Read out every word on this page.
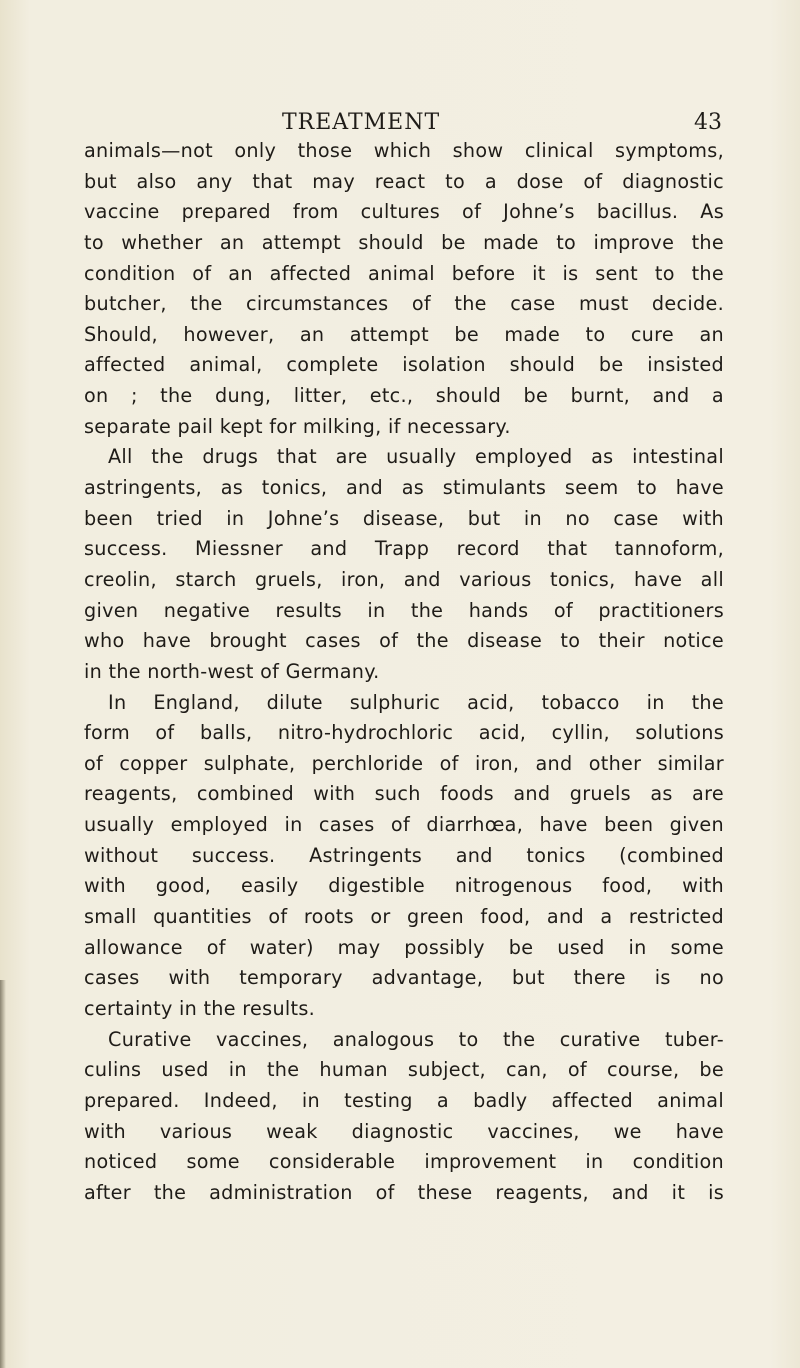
TREATMENT	43
animals—not only those which show clinical symptoms,
but also any that may react to a dose of diagnostic
vaccine prepared from cultures of Johne’s bacillus. As
to whether an attempt should be made to improve the
condition of an affected animal before it is sent to the
butcher, the circumstances of the case must decide.
Should, however, an attempt be made to cure an
affected animal, complete isolation should be insisted
on ; the dung, litter, etc., should be burnt, and a
separate pail kept for milking, if necessary.
All the drugs that are usually employed as intestinal
astringents, as tonics, and as stimulants seem to have
been tried in Johne’s disease, but in no case with
success. Miessner and Trapp record that tannoform,
creolin, starch gruels, iron, and various tonics, have all
given negative results in the hands of practitioners
who have brought cases of the disease to their notice
in the north-west of Germany.
In England, dilute sulphuric acid, tobacco in the
form of balls, nitro-hydrochloric acid, cyllin, solutions
of copper sulphate, perchloride of iron, and other similar
reagents, combined with such foods and gruels as are
usually employed in cases of diarrhœa, have been given
without success. Astringents and tonics (combined
with good, easily digestible nitrogenous food, with
small quantities of roots or green food, and a restricted
allowance of water) may possibly be used in some
cases with temporary advantage, but there is no
certainty in the results.
Curative vaccines, analogous to the curative tuber-
culins used in the human subject, can, of course, be
prepared. Indeed, in testing a badly affected animal
with various weak diagnostic vaccines, we have
noticed some considerable improvement in condition
after the administration of these reagents, and it is
